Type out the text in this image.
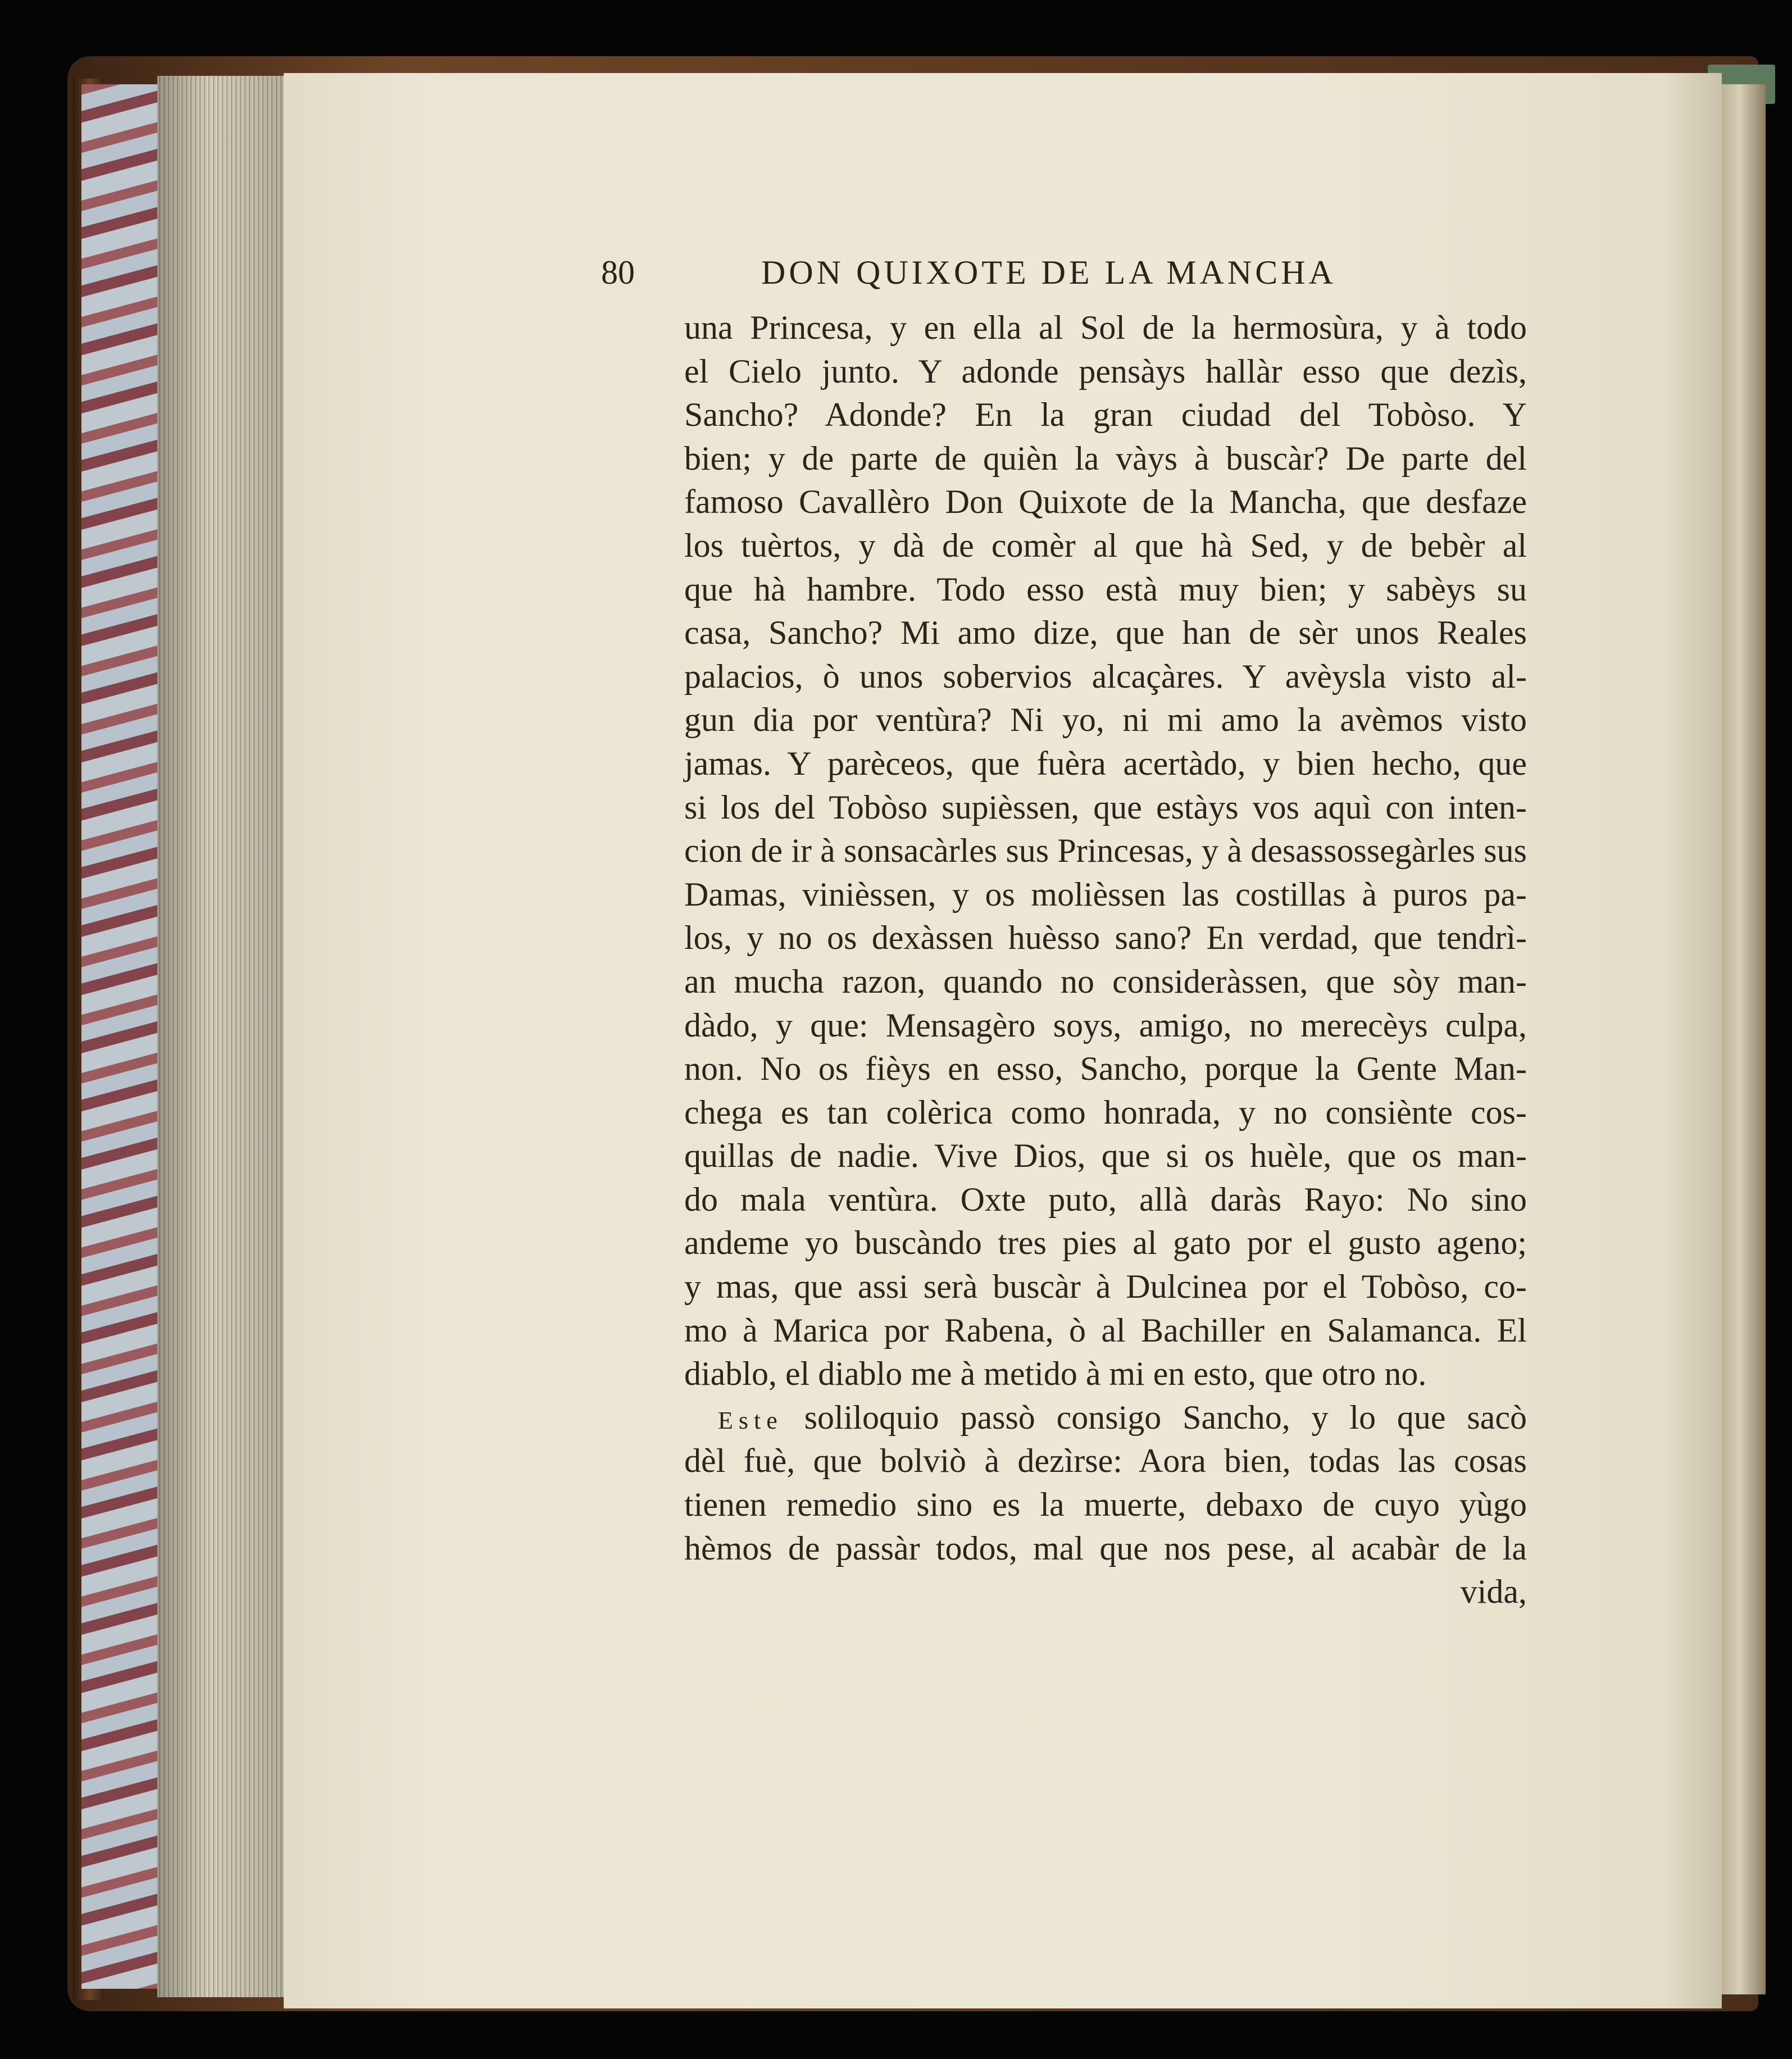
80	DON QUIXOTE DE LA MANCHA
una Princesa, y en ella al Sol de la hermosùra, y à todo
el Cielo junto. Y adonde pensàys hallàr esso que dezìs,
Sancho? Adonde? En la gran ciudad del Tobòso. Y
bien; y de parte de quièn la vàys à buscàr? De parte del
famoso Cavallèro Don Quixote de la Mancha, que desfaze
los tuèrtos, y dà de comèr al que hà Sed, y de bebèr al
que hà hambre. Todo esso està muy bien; y sabèys su
casa, Sancho? Mi amo dize, que han de sèr unos Reales
palacios, ò unos sobervios alcaçàres. Y avèysla visto al-
gun dia por ventùra? Ni yo, ni mi amo la avèmos visto
jamas. Y parèceos, que fuèra acertàdo, y bien hecho, que
si los del Tobòso supièssen, que estàys vos aquì con inten-
cion de ir à sonsacàrles sus Princesas, y à desassossegàrles sus
Damas, vinièssen, y os molièssen las costillas à puros pa-
los, y no os dexàssen huèsso sano? En verdad, que tendrì-
an mucha razon, quando no consideràssen, que sòy man-
dàdo, y que: Mensagèro soys, amigo, no merecèys culpa,
non. No os fièys en esso, Sancho, porque la Gente Man-
chega es tan colèrica como honrada, y no consiènte cos-
quillas de nadie. Vive Dios, que si os huèle, que os man-
do mala ventùra. Oxte puto, allà daràs Rayo: No sino
andeme yo buscàndo tres pies al gato por el gusto ageno;
y mas, que assi serà buscàr à Dulcinea por el Tobòso, co-
mo à Marica por Rabena, ò al Bachiller en Salamanca. El
diablo, el diablo me à metido à mi en esto, que otro no.
Este soliloquio passò consigo Sancho, y lo que sacò
dèl fuè, que bolviò à dezìrse: Aora bien, todas las cosas
tienen remedio sino es la muerte, debaxo de cuyo yùgo
hèmos de passàr todos, mal que nos pese, al acabàr de la
vida,
